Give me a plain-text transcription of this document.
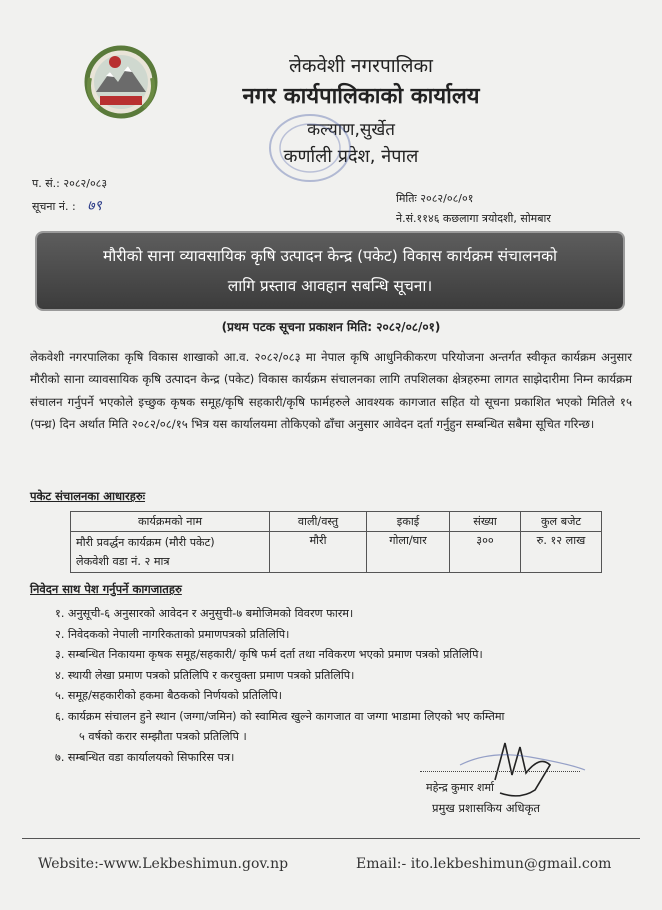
लेकवेशी नगरपालिका
नगर कार्यपालिकाको कार्यालय
कल्याण,सुर्खेत
कर्णाली प्रदेश, नेपाल
प. सं.: २०८२/०८३
सूचना नं. : ७९	मितिः २०८२/०८/०१
ने.सं.११४६ कछलागा त्रयोदशी, सोमबार
मौरीको साना व्यावसायिक कृषि उत्पादन केन्द्र (पकेट) विकास कार्यक्रम संचालनको
लागि प्रस्ताव आवहान सबन्धि सूचना।
(प्रथम पटक सूचना प्रकाशन मिति: २०८२/०८/०१)
लेकवेशी नगरपालिका कृषि विकास शाखाको आ.व. २०८२/०८३ मा नेपाल कृषि आधुनिकीकरण परियोजना अन्तर्गत स्वीकृत कार्यक्रम अनुसार मौरीको साना व्यावसायिक कृषि उत्पादन केन्द्र (पकेट) विकास कार्यक्रम संचालनका लागि तपशिलका क्षेत्रहरुमा लागत साझेदारीमा निम्न कार्यक्रम संचालन गर्नुपर्ने भएकोले इच्छुक कृषक समूह/कृषि सहकारी/कृषि फार्महरुले आवश्यक कागजात सहित यो सूचना प्रकाशित भएको मितिले १५ (पन्ध्र) दिन अर्थात मिति २०८२/०८/१५ भित्र यस कार्यालयमा तोकिएको ढाँचा अनुसार आवेदन दर्ता गर्नुहुन सम्बन्धित सबैमा सूचित गरिन्छ।
पकेट संचालनका आधारहरुः
कार्यक्रमको नाम	वाली/वस्तु	इकाई	संख्या	कुल बजेट

मौरी प्रवर्द्धन कार्यक्रम (मौरी पकेट)
लेकवेशी वडा नं. २ मात्र	मौरी	गोला/घार	३००	रु. १२ लाख
निवेदन साथ पेश गर्नुपर्ने कागजातहरु
१. अनुसूची-६ अनुसारको आवेदन र अनुसुची-७ बमोजिमको विवरण फारम।
२. निवेदकको नेपाली नागरिकताको प्रमाणपत्रको प्रतिलिपि।
३. सम्बन्धित निकायमा कृषक समूह/सहकारी/ कृषि फर्म दर्ता तथा नविकरण भएको प्रमाण पत्रको प्रतिलिपि।
४. स्थायी लेखा प्रमाण पत्रको प्रतिलिपि र करचुक्ता प्रमाण पत्रको प्रतिलिपि।
५. समूह/सहकारीको हकमा बैठकको निर्णयको प्रतिलिपि।
६. कार्यक्रम संचालन हुने स्थान (जग्गा/जमिन) को स्वामित्व खुल्ने कागजात वा जग्गा भाडामा लिएको भए कम्तिमा
५ वर्षको करार सम्झौता पत्रको प्रतिलिपि ।
७. सम्बन्धित वडा कार्यालयको सिफारिस पत्र।
महेन्द्र कुमार शर्मा
प्रमुख प्रशासकिय अधिकृत
Website:-www.Lekbeshimun.gov.np	Email:- ito.lekbeshimun@gmail.com
